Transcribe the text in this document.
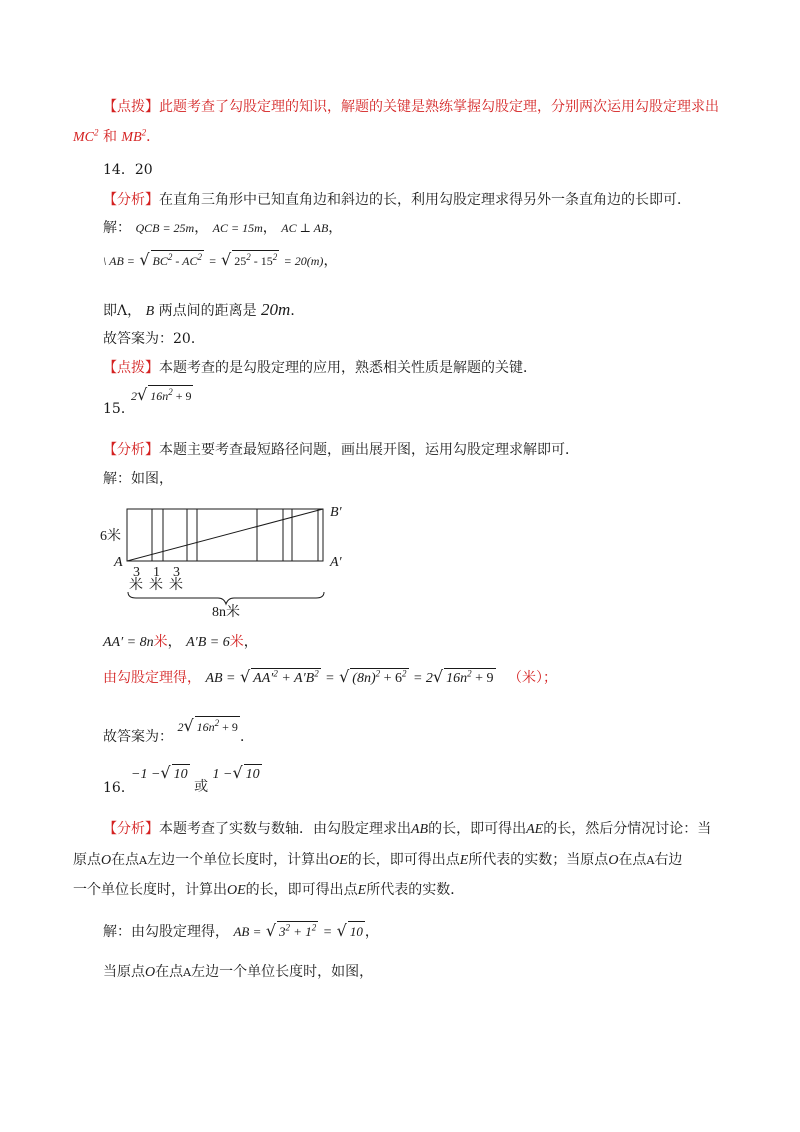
【点拨】此题考查了勾股定理的知识，解题的关键是熟练掌握勾股定理，分别两次运用勾股定理求出
$MC^2$ 和 $MB^2$．
14．20
【分析】在直角三角形中已知直角边和斜边的长，利用勾股定理求得另外一条直角边的长即可．
解： QCB = 25m， AC = 15m， AC ⊥ AB，
\ AB = √ $BC^2 - AC^2$ = √ $25^2 - 15^2 = 20(m)$，
即Λ， B 两点间的距离是 20m．
故答案为：20．
【点拨】本题考查的是勾股定理的应用，熟悉相关性质是解题的关键．
15．
2√ $16n^2 + 9$
【分析】本题主要考查最短路径问题，画出展开图，运用勾股定理求解即可．
解：如图，
6米
A
B′
A′
3 1 3
米 米 米
8n米
AA′ = 8n米， A′B = 6米，
由勾股定理得， AB = √ $AA'^2 + A'B^2$ = √ $(8n)^2 + 6^2 = 2√$ $16n^2 + 9$ （米）；
故答案为： 2√ $16n^2 + 9$．
16．
−1 −√ 10 或 1 −√ 10
【分析】本题考查了实数与数轴．由勾股定理求出AB的长，即可得出AE的长，然后分情况讨论：当
原点O在点A左边一个单位长度时，计算出OE的长，即可得出点E所代表的实数；当原点O在点A右边
一个单位长度时，计算出OE的长，即可得出点E所代表的实数．
解：由勾股定理得， AB = √ $3^2 + 1^2$ = √ 10 ，
当原点O在点A左边一个单位长度时，如图，
